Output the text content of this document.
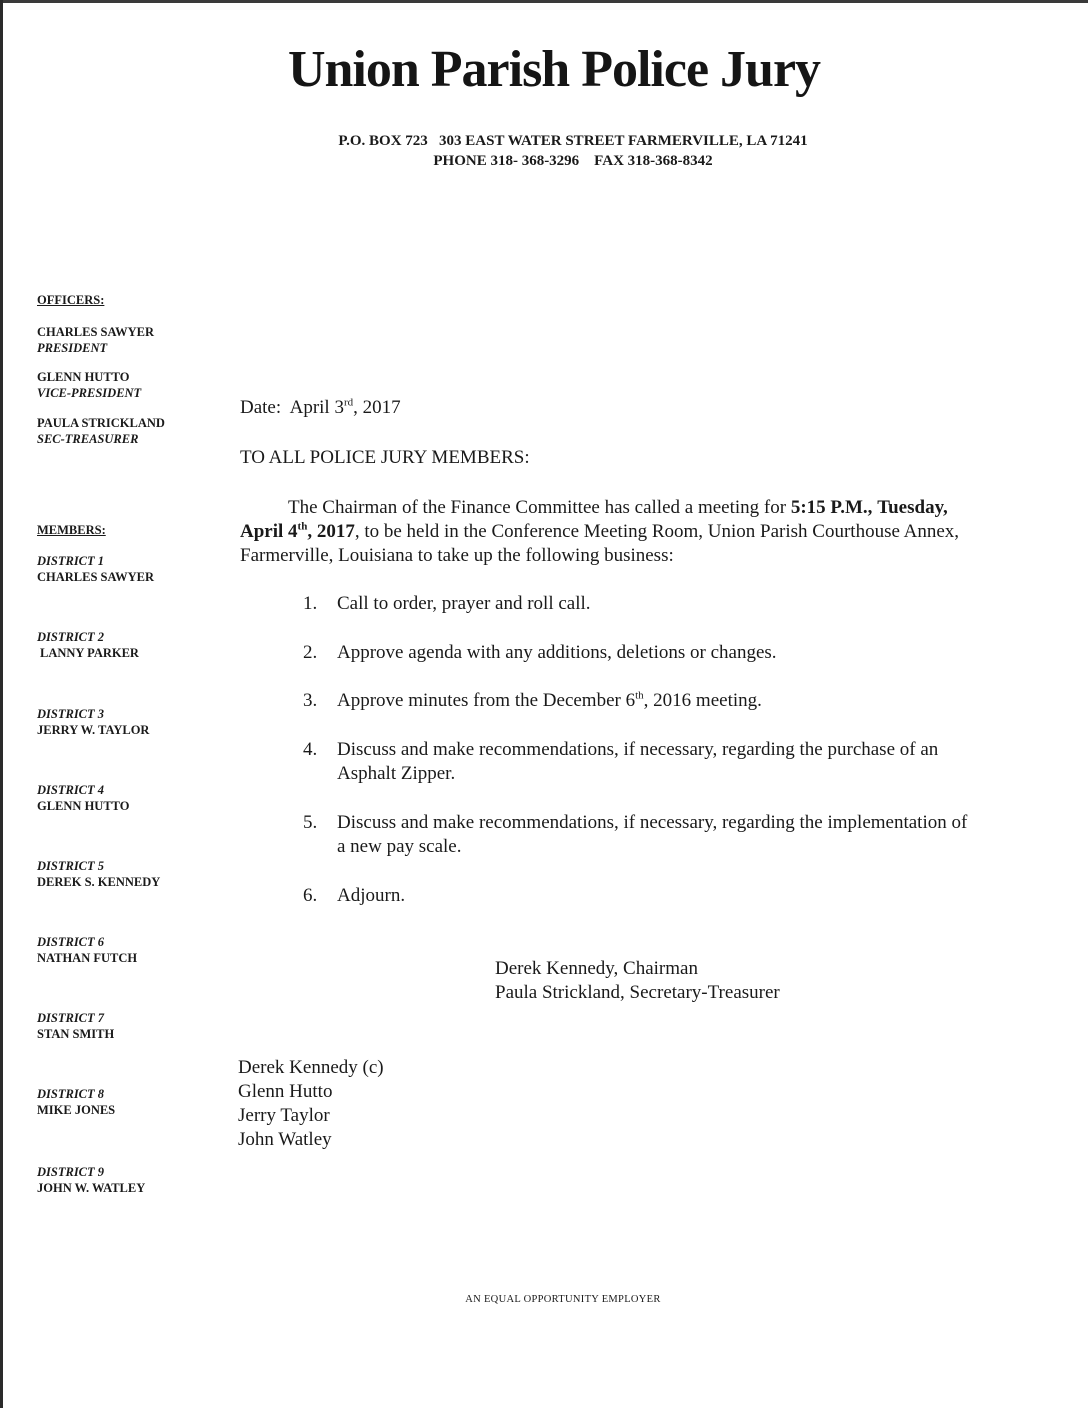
Union Parish Police Jury
P.O. BOX 723   303 EAST WATER STREET FARMERVILLE, LA 71241
PHONE 318- 368-3296    FAX 318-368-8342
OFFICERS:
CHARLES SAWYER
PRESIDENT
GLENN HUTTO
VICE-PRESIDENT
PAULA STRICKLAND
SEC-TREASURER
MEMBERS:
DISTRICT 1
CHARLES SAWYER
DISTRICT 2
LANNY PARKER
DISTRICT 3
JERRY W. TAYLOR
DISTRICT 4
GLENN HUTTO
DISTRICT 5
DEREK S. KENNEDY
DISTRICT 6
NATHAN FUTCH
DISTRICT 7
STAN SMITH
DISTRICT 8
MIKE JONES
DISTRICT 9
JOHN W. WATLEY
Date: April 3rd, 2017
TO ALL POLICE JURY MEMBERS:
The Chairman of the Finance Committee has called a meeting for 5:15 P.M., Tuesday, April 4th, 2017, to be held in the Conference Meeting Room, Union Parish Courthouse Annex, Farmerville, Louisiana to take up the following business:
1. Call to order, prayer and roll call.
2. Approve agenda with any additions, deletions or changes.
3. Approve minutes from the December 6th, 2016 meeting.
4. Discuss and make recommendations, if necessary, regarding the purchase of an Asphalt Zipper.
5. Discuss and make recommendations, if necessary, regarding the implementation of a new pay scale.
6. Adjourn.
Derek Kennedy, Chairman
Paula Strickland, Secretary-Treasurer
Derek Kennedy (c)
Glenn Hutto
Jerry Taylor
John Watley
AN EQUAL OPPORTUNITY EMPLOYER
